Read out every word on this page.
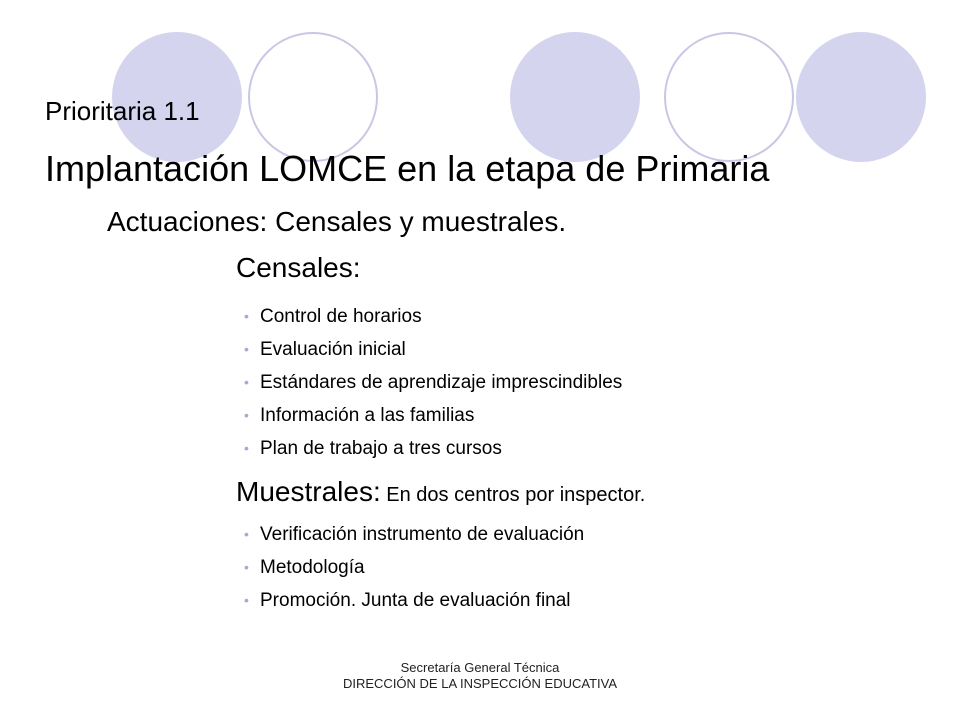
Prioritaria 1.1
Implantación LOMCE en la etapa de Primaria
Actuaciones: Censales y muestrales.
Censales:
• Control de horarios
• Evaluación inicial
• Estándares de aprendizaje imprescindibles
• Información a las familias
• Plan de trabajo a tres cursos
Muestrales: En dos centros por inspector.
• Verificación instrumento de evaluación
• Metodología
• Promoción. Junta de evaluación final
Secretaría General Técnica
DIRECCIÓN DE LA INSPECCIÓN EDUCATIVA
